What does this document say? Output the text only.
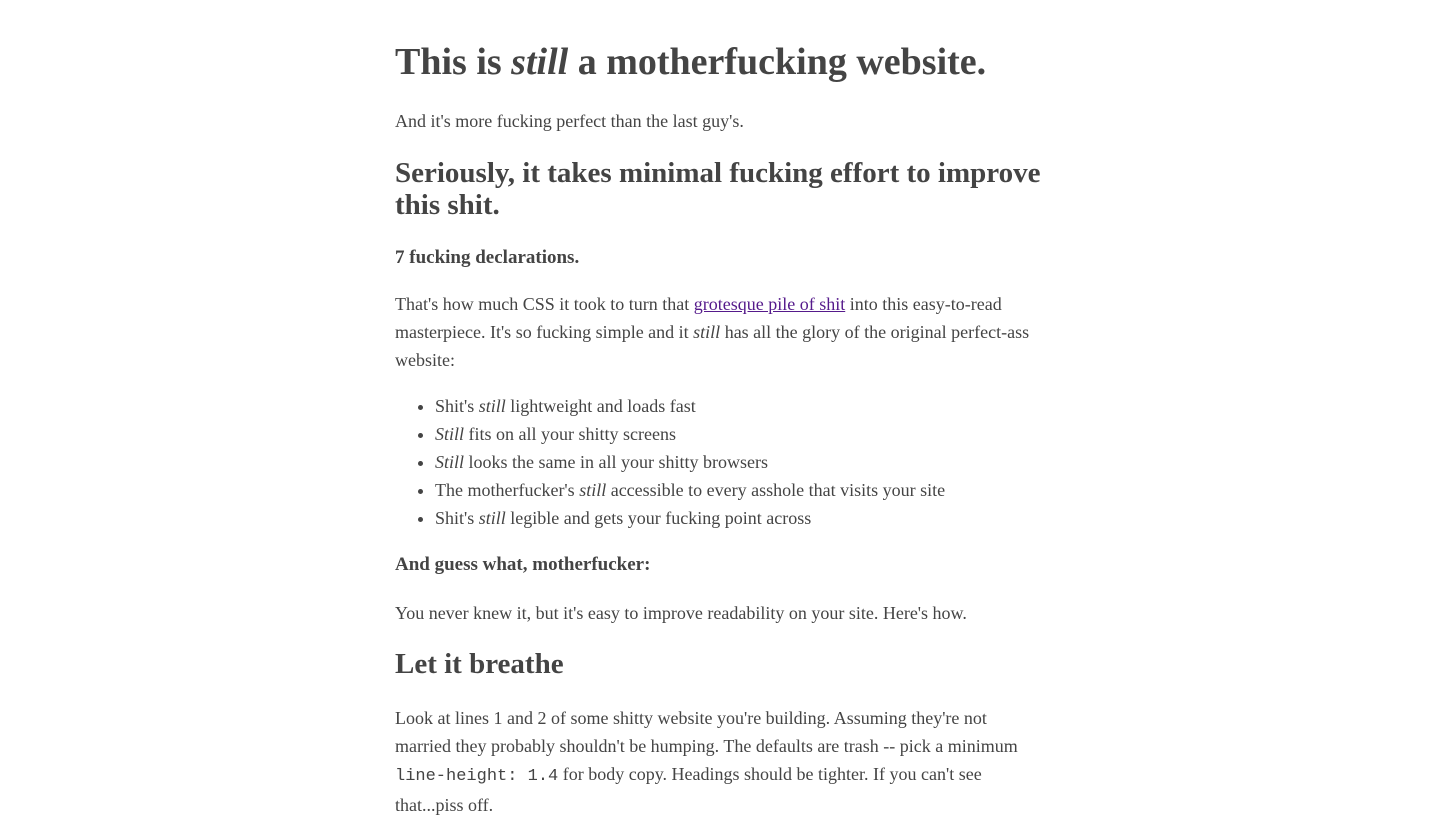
This is still a motherfucking website.

And it's more fucking perfect than the last guy's.

Seriously, it takes minimal fucking effort to improve this shit.
7 fucking declarations.

That's how much CSS it took to turn that grotesque pile of shit into this easy-to-read masterpiece. It's so fucking simple and it still has all the glory of the original perfect-ass website:

• Shit's still lightweight and loads fast
• Still fits on all your shitty screens
• Still looks the same in all your shitty browsers
• The motherfucker's still accessible to every asshole that visits your site
• Shit's still legible and gets your fucking point across
And guess what, motherfucker:

You never knew it, but it's easy to improve readability on your site. Here's how.

Let it breathe

Look at lines 1 and 2 of some shitty website you're building. Assuming they're not married they probably shouldn't be humping. The defaults are trash -- pick a minimum line-height: 1.4 for body copy. Headings should be tighter. If you can't see that...piss off.
